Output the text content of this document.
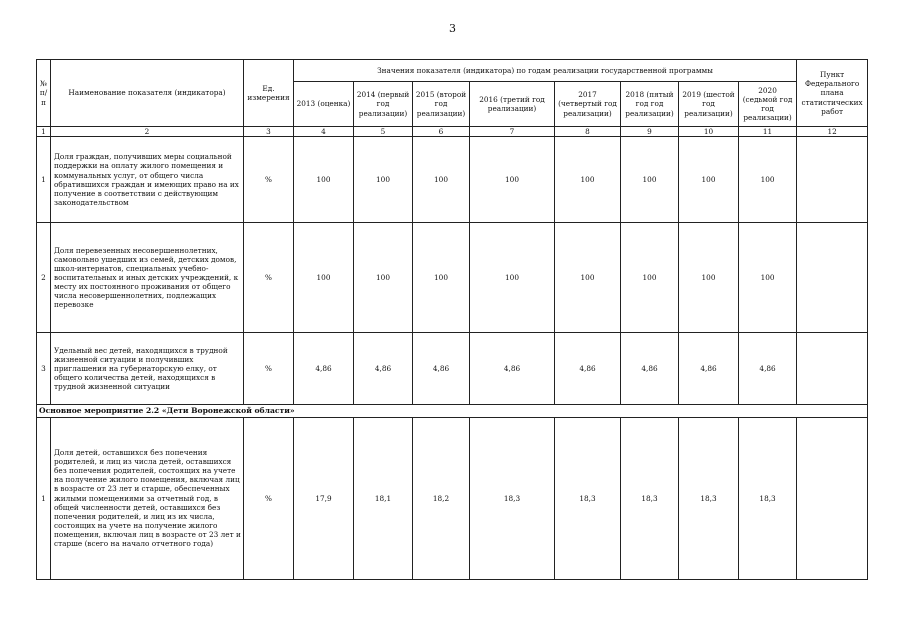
3
№ п/п	Наименование показателя (индикатора)	Ед. измерения	Значения показателя (индикатора) по годам реализации государственной программы								Пункт Федерального плана статистических работ
			2013 (оценка)	2014 (первый год реализации)	2015 (второй год реализации)	2016 (третий год реализации)	2017 (четвертый год реализации)	2018 (пятый год год реализации)	2019 (шестой год реализации)	2020 (седьмой год год реализации)	
1	2	3	4	5	6	7	8	9	10	11	12
1	Доля граждан, получивших меры социальной поддержки на оплату жилого помещения и коммунальных услуг, от общего числа обратившихся граждан и имеющих право на их получение в соответствии с действующим законодательством	%	100	100	100	100	100	100	100	100	
2	Доля перевезенных несовершеннолетних, самовольно ушедших из семей, детских домов, школ-интернатов, специальных учебно-воспитательных и иных детских учреждений, к месту их постоянного проживания от общего числа несовершеннолетних, подлежащих перевозке	%	100	100	100	100	100	100	100	100	
3	Удельный вес детей, находящихся в трудной жизненной ситуации и получивших приглашения на губернаторскую елку, от общего количества детей, находящихся в трудной жизненной ситуации	%	4,86	4,86	4,86	4,86	4,86	4,86	4,86	4,86	
Основное мероприятие 2.2 «Дети Воронежской области»											
1	Доля детей, оставшихся без попечения родителей, и лиц из числа детей, оставшихся без попечения родителей, состоящих на учете на получение жилого помещения, включая лиц в возрасте от 23 лет и старше, обеспеченных жилыми помещениями за отчетный год, в общей численности детей, оставшихся без попечения родителей, и лиц из их числа, состоящих на учете на получение жилого помещения, включая лиц в возрасте от 23 лет и старше (всего на начало отчетного года)	%	17,9	18,1	18,2	18,3	18,3	18,3	18,3	18,3	
